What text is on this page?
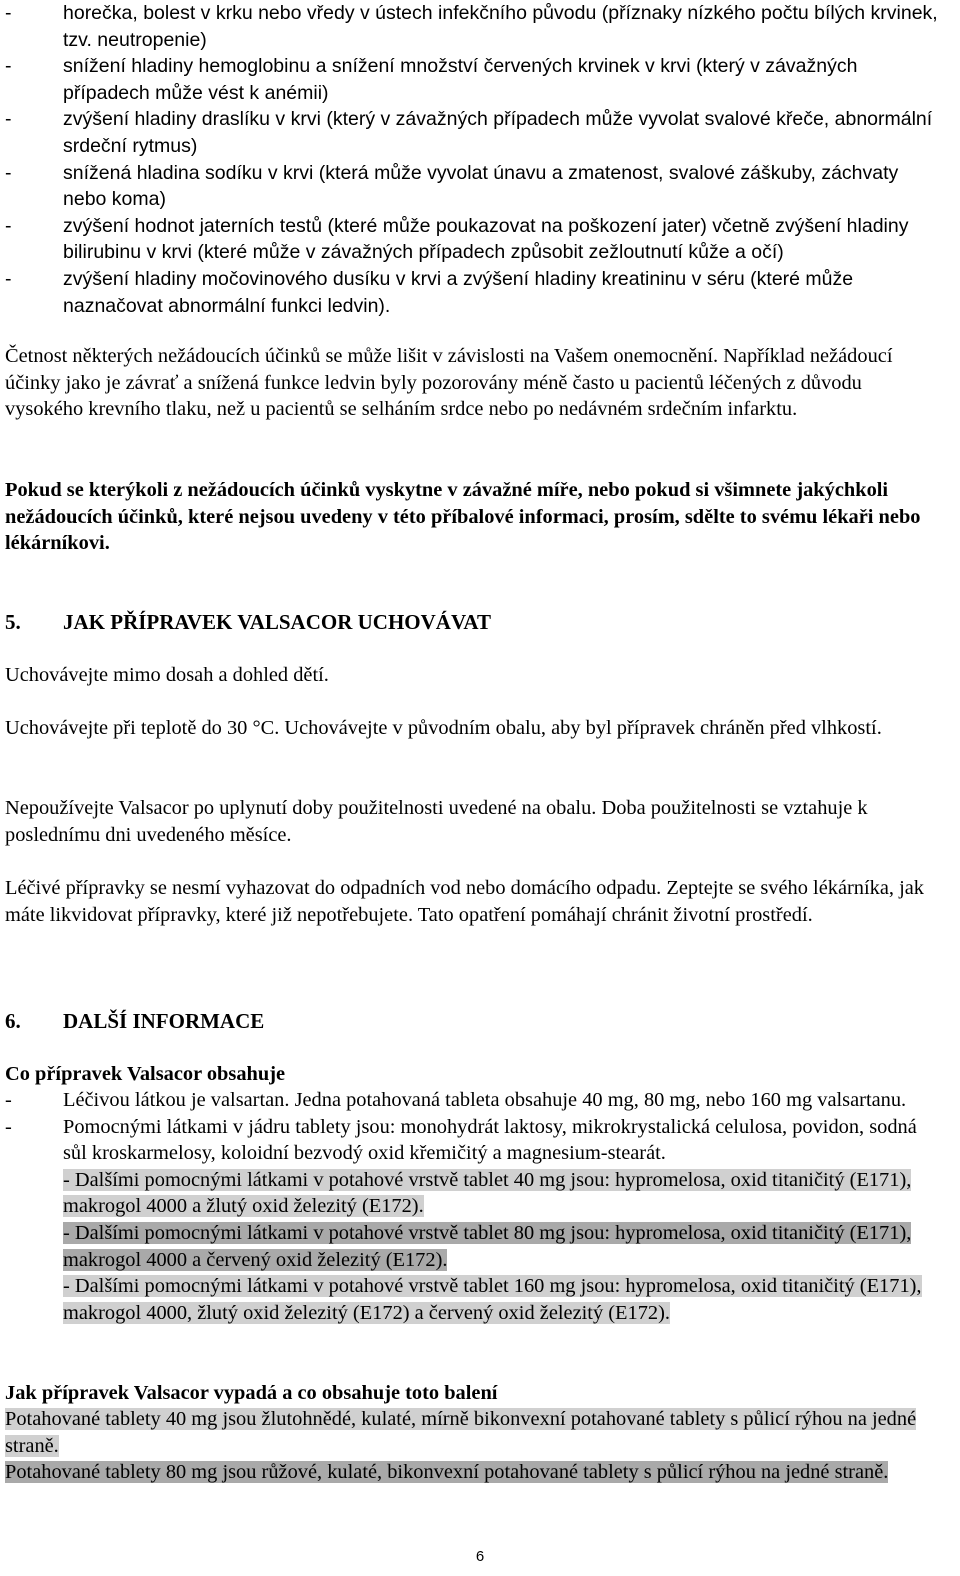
-	horečka, bolest v krku nebo vředy v ústech infekčního původu (příznaky nízkého počtu bílých krvinek, tzv. neutropenie)
-	snížení hladiny hemoglobinu a snížení množství červených krvinek v krvi (který v závažných případech může vést k anémii)
-	zvýšení hladiny draslíku v krvi (který v závažných případech může vyvolat svalové křeče, abnormální srdeční rytmus)
-	snížená hladina sodíku v krvi (která může vyvolat únavu a zmatenost, svalové záškuby, záchvaty nebo koma)
-	zvýšení hodnot jaterních testů (které může poukazovat na poškození jater) včetně zvýšení hladiny bilirubinu v krvi (které může v závažných případech způsobit zežloutnutí kůže a očí)
-	zvýšení hladiny močovinového dusíku v krvi a zvýšení hladiny kreatininu v séru (které může naznačovat abnormální funkci ledvin).
Četnost některých nežádoucích účinků se může lišit v závislosti na Vašem onemocnění. Například nežádoucí účinky jako je závrať a snížená funkce ledvin byly pozorovány méně často u pacientů léčených z důvodu vysokého krevního tlaku, než u pacientů se selháním srdce nebo po nedávném srdečním infarktu.
Pokud se kterýkoli z nežádoucích účinků vyskytne v závažné míře, nebo pokud si všimnete jakýchkoli nežádoucích účinků, které nejsou uvedeny v této příbalové informaci, prosím, sdělte to svému lékaři nebo lékárníkovi.
5. JAK PŘÍPRAVEK VALSACOR UCHOVÁVAT
Uchovávejte mimo dosah a dohled dětí.
Uchovávejte při teplotě do 30 °C. Uchovávejte v původním obalu, aby byl přípravek chráněn před vlhkostí.
Nepoužívejte Valsacor po uplynutí doby použitelnosti uvedené na obalu. Doba použitelnosti se vztahuje k poslednímu dni uvedeného měsíce.
Léčivé přípravky se nesmí vyhazovat do odpadních vod nebo domácího odpadu. Zeptejte se svého lékárníka, jak máte likvidovat přípravky, které již nepotřebujete. Tato opatření pomáhají chránit životní prostředí.
6. DALŠÍ INFORMACE
Co přípravek Valsacor obsahuje
-	Léčivou látkou je valsartan. Jedna potahovaná tableta obsahuje 40 mg, 80 mg, nebo 160 mg valsartanu.
-	Pomocnými látkami v jádru tablety jsou: monohydrát laktosy, mikrokrystalická celulosa, povidon, sodná sůl kroskarmelosy, koloidní bezvodý oxid křemičitý a magnesium-stearát.
- Dalšími pomocnými látkami v potahové vrstvě tablet 40 mg jsou: hypromelosa, oxid titaničitý (E171), makrogol 4000 a žlutý oxid železitý (E172).
- Dalšími pomocnými látkami v potahové vrstvě tablet 80 mg jsou: hypromelosa, oxid titaničitý (E171), makrogol 4000 a červený oxid železitý (E172).
- Dalšími pomocnými látkami v potahové vrstvě tablet 160 mg jsou: hypromelosa, oxid titaničitý (E171), makrogol 4000, žlutý oxid železitý (E172) a červený oxid železitý (E172).
Jak přípravek Valsacor vypadá a co obsahuje toto balení
Potahované tablety 40 mg jsou žlutohnědé, kulaté, mírně bikonvexní potahované tablety s půlicí rýhou na jedné straně.
Potahované tablety 80 mg jsou růžové, kulaté, bikonvexní potahované tablety s půlicí rýhou na jedné straně.
6
